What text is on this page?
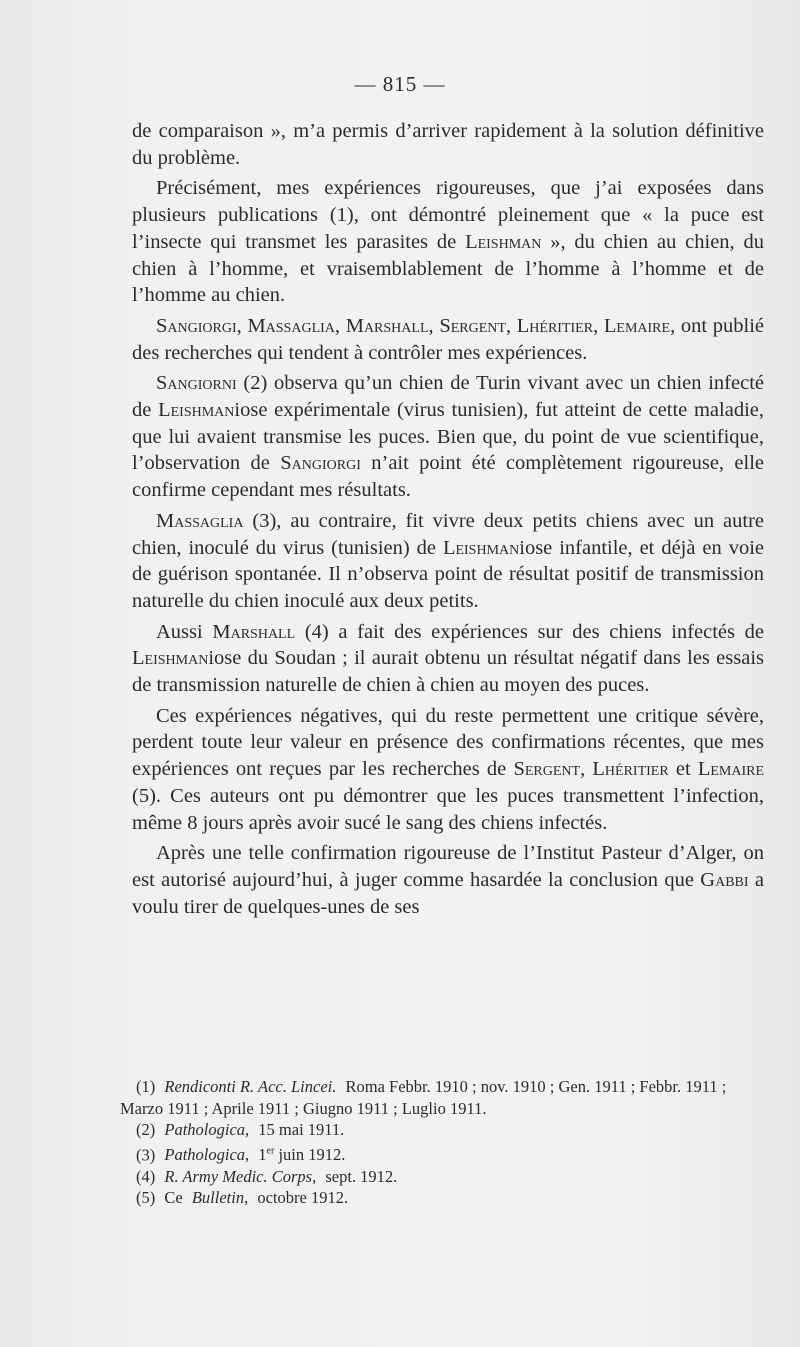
— 815 —

de comparaison », m’a permis d’arriver rapidement à la solution définitive du problème.

Précisément, mes expériences rigoureuses, que j’ai exposées dans plusieurs publications (1), ont démontré pleinement que « la puce est l’insecte qui transmet les parasites de Leishman », du chien au chien, du chien à l’homme, et vraisemblablement de l’homme à l’homme et de l’homme au chien.

Sangiorgi, Massaglia, Marshall, Sergent, Lhéritier, Lemaire, ont publié des recherches qui tendent à contrôler mes expériences.

Sangiorni (2) observa qu’un chien de Turin vivant avec un chien infecté de Leishmaniose expérimentale (virus tunisien), fut atteint de cette maladie, que lui avaient transmise les puces. Bien que, du point de vue scientifique, l’observation de Sangiorgi n’ait point été complètement rigoureuse, elle confirme cependant mes résultats.

Massaglia (3), au contraire, fit vivre deux petits chiens avec un autre chien, inoculé du virus (tunisien) de Leishmaniose infantile, et déjà en voie de guérison spontanée. Il n’observa point de résultat positif de transmission naturelle du chien inoculé aux deux petits.

Aussi Marshall (4) a fait des expériences sur des chiens infectés de Leishmaniose du Soudan ; il aurait obtenu un résultat négatif dans les essais de transmission naturelle de chien à chien au moyen des puces.

Ces expériences négatives, qui du reste permettent une critique sévère, perdent toute leur valeur en présence des confirmations récentes, que mes expériences ont reçues par les recherches de Sergent, Lhéritier et Lemaire (5). Ces auteurs ont pu démontrer que les puces transmettent l’infection, même 8 jours après avoir sucé le sang des chiens infectés.

Après une telle confirmation rigoureuse de l’Institut Pasteur d’Alger, on est autorisé aujourd’hui, à juger comme hasardée la conclusion que Gabbi a voulu tirer de quelques-unes de ses

(1) Rendiconti R. Acc. Lincei. Roma Febbr. 1910 ; nov. 1910 ; Gen. 1911 ; Febbr. 1911 ; Marzo 1911 ; Aprile 1911 ; Giugno 1911 ; Luglio 1911.

(2) Pathologica, 15 mai 1911.

(3) Pathologica, 1er juin 1912.

(4) R. Army Medic. Corps, sept. 1912.

(5) Ce Bulletin, octobre 1912.
